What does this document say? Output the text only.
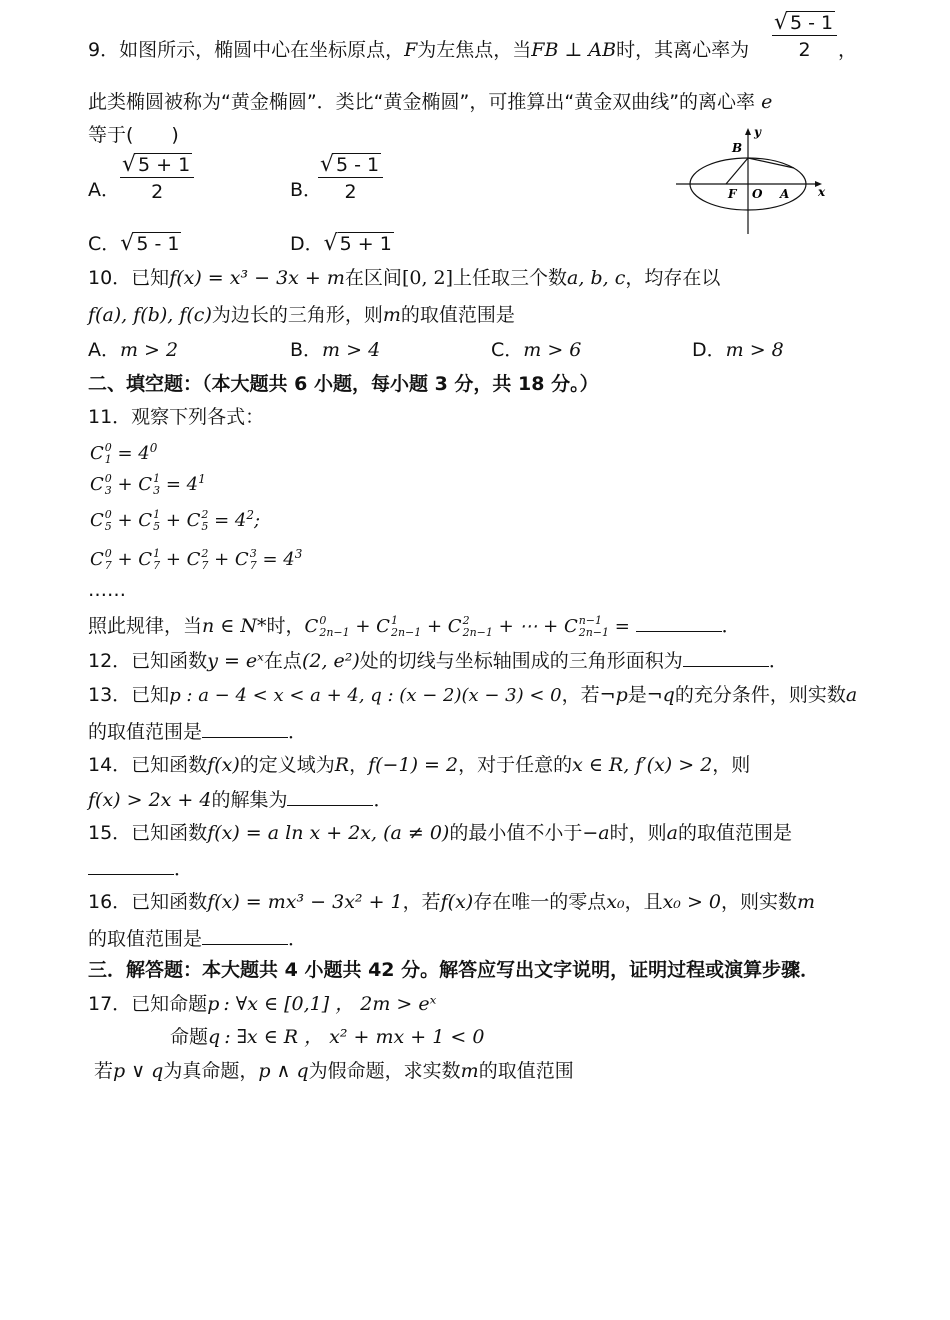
9．如图所示，椭圆中心在坐标原点，F为左焦点，当FB ⊥ AB时，其离心率为 $\frac{√ 5 - 1}{2}$ ，
此类椭圆被称为“黄金椭圆”．类比“黄金椭圆”，可推算出“黄金双曲线”的离心率 e
等于(　　)
A． $\frac{√ 5 + 1}{2}$	B．
$\frac{√ 5 - 1}{2}$
C．√ 5 - 1	D．√ 5 + 1
y
B
F O A x
10．已知f(x) = x³ − 3x + m在区间[0, 2]上任取三个数a, b, c，均存在以
f(a), f(b), f(c)为边长的三角形，则m的取值范围是
A．m > 2	B．m > 4	C．m > 6	D．m > 8
二、填空题：（本大题共 6 小题，每小题 3 分，共 18 分。）
11．观察下列各式：
C 0
$1 = 4^0$
C 0
3 + C 1
$3 = 4^1$
C 0
5 + C 1
5 + C 2
$5 = 4^2$;
C 0
7 + C 1
7 + C 2
7 + C 3
$7 = 4^3$
……
照此规律，当n ∈ N*时，C 0
2n−1 + C 1
2n−1 + C 2
2n−1 + ⋯ + C n−1
2n−1 =	．
12．已知函数y = eˣ在点(2, e²)处的切线与坐标轴围成的三角形面积为	．
13．已知p : a − 4 < x < a + 4, q : (x − 2)(x − 3) < 0，若¬p是¬q的充分条件，则实数a
的取值范围是	．
14．已知函数f(x)的定义域为R，f(−1) = 2，对于任意的x ∈ R, f′(x) > 2，则
f(x) > 2x + 4的解集为	．
15．已知函数f(x) = a ln x + 2x, (a ≠ 0)的最小值不小于−a时，则a的取值范围是
．
16．已知函数f(x) = mx³ − 3x² + 1，若f(x)存在唯一的零点x₀，且x₀ > 0，则实数m
的取值范围是	．
三．解答题：本大题共 4 小题共 42 分。解答应写出文字说明，证明过程或演算步骤．
17．已知命题p : ∀x ∈ [0,1] ， 2m > eˣ
命题q : ∃x ∈ R ， x² + mx + 1 < 0
若p ∨ q为真命题，p ∧ q为假命题，求实数m的取值范围
